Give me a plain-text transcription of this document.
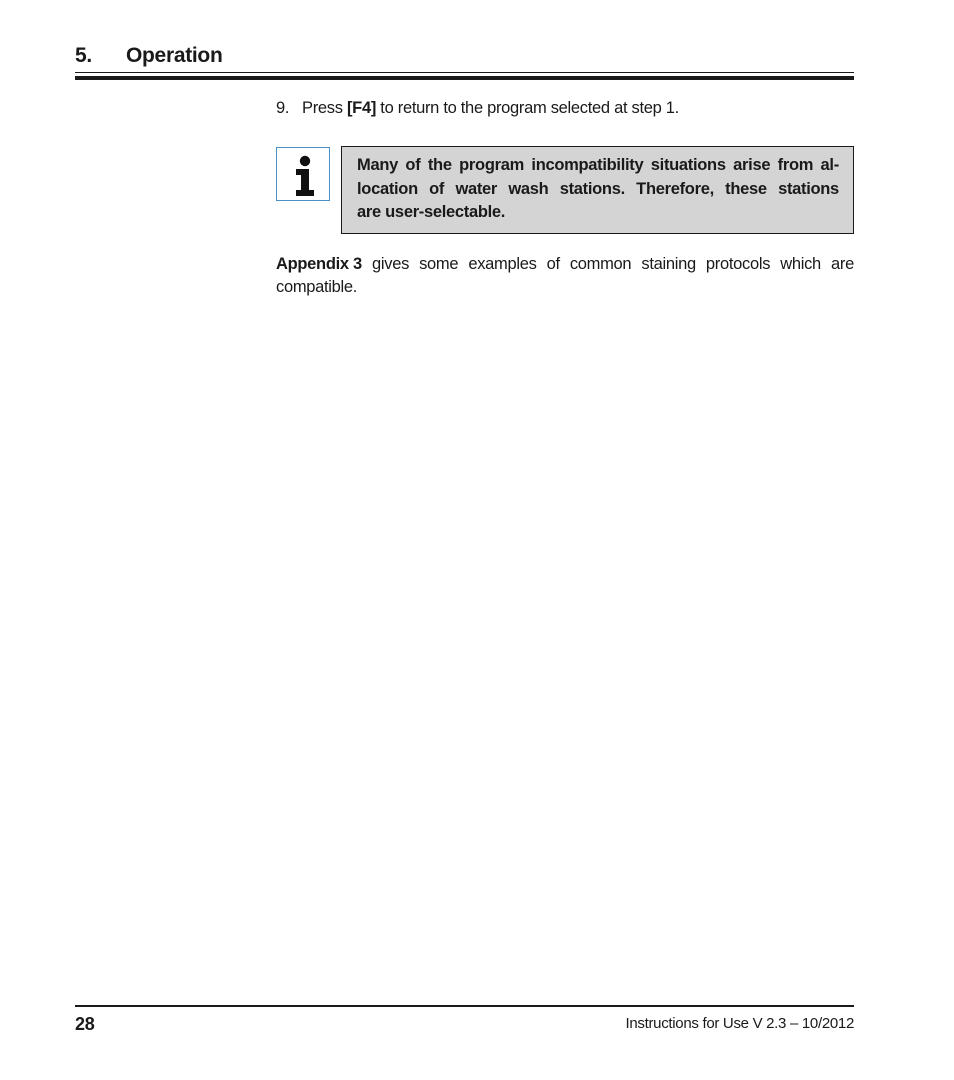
5. Operation
9. Press [F4] to return to the program selected at step 1.
Many of the program incompatibility situations arise from al-
location of water wash stations. Therefore, these stations
are user-selectable.
Appendix 3 gives some examples of common staining protocols which are
compatible.
28	Instructions for Use V 2.3 – 10/2012
